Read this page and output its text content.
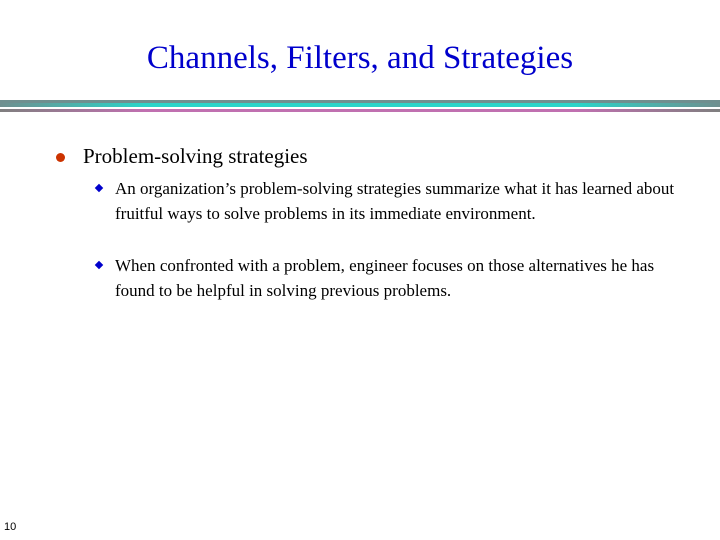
Channels, Filters, and Strategies
Problem-solving strategies
An organization’s problem-solving strategies summarize what it has learned about fruitful ways to solve problems in its immediate environment.
When confronted with a problem, engineer focuses on those alternatives he has found to be helpful in solving previous problems.
10
